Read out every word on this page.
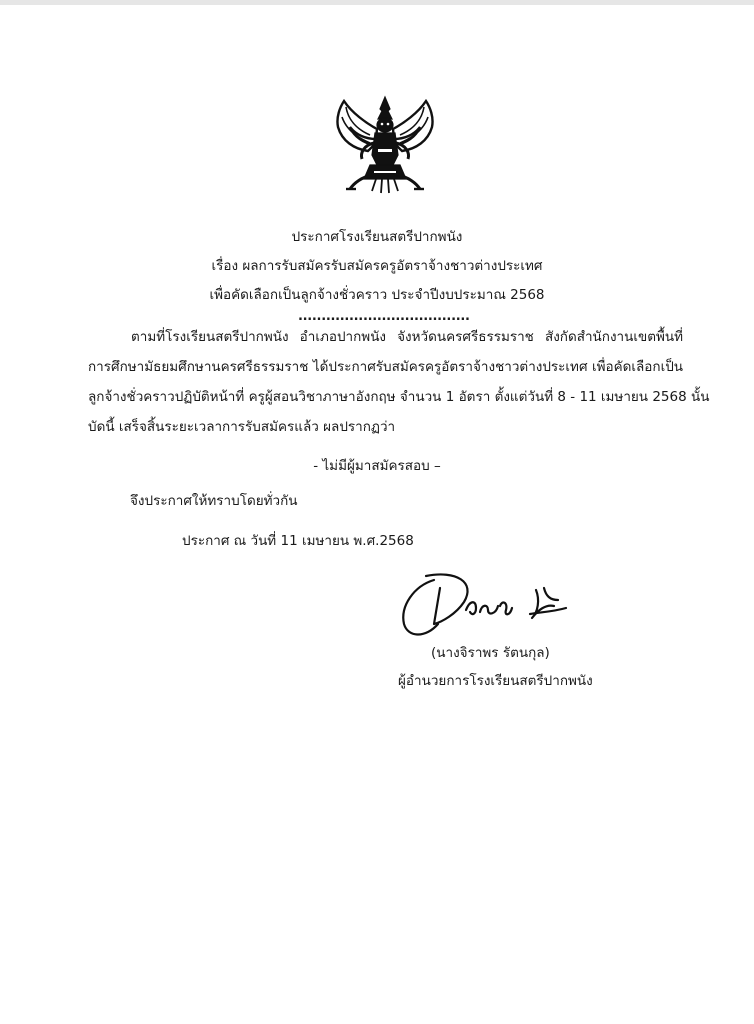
ประกาศโรงเรียนสตรีปากพนัง
เรื่อง ผลการรับสมัครรับสมัครครูอัตราจ้างชาวต่างประเทศ
เพื่อคัดเลือกเป็นลูกจ้างชั่วคราว ประจำปีงบประมาณ 2568
.....................................
ตามที่โรงเรียนสตรีปากพนัง อำเภอปากพนัง จังหวัดนครศรีธรรมราช สังกัดสำนักงานเขตพื้นที่
การศึกษามัธยมศึกษานครศรีธรรมราช ได้ประกาศรับสมัครครูอัตราจ้างชาวต่างประเทศ เพื่อคัดเลือกเป็น
ลูกจ้างชั่วคราวปฏิบัติหน้าที่ ครูผู้สอนวิชาภาษาอังกฤษ จำนวน 1 อัตรา ตั้งแต่วันที่ 8 - 11 เมษายน 2568 นั้น
บัดนี้ เสร็จสิ้นระยะเวลาการรับสมัครแล้ว ผลปรากฏว่า
- ไม่มีผู้มาสมัครสอบ –
จึงประกาศให้ทราบโดยทั่วกัน
ประกาศ ณ วันที่ 11 เมษายน พ.ศ.2568
(นางจิราพร รัตนกุล)
ผู้อำนวยการโรงเรียนสตรีปากพนัง
